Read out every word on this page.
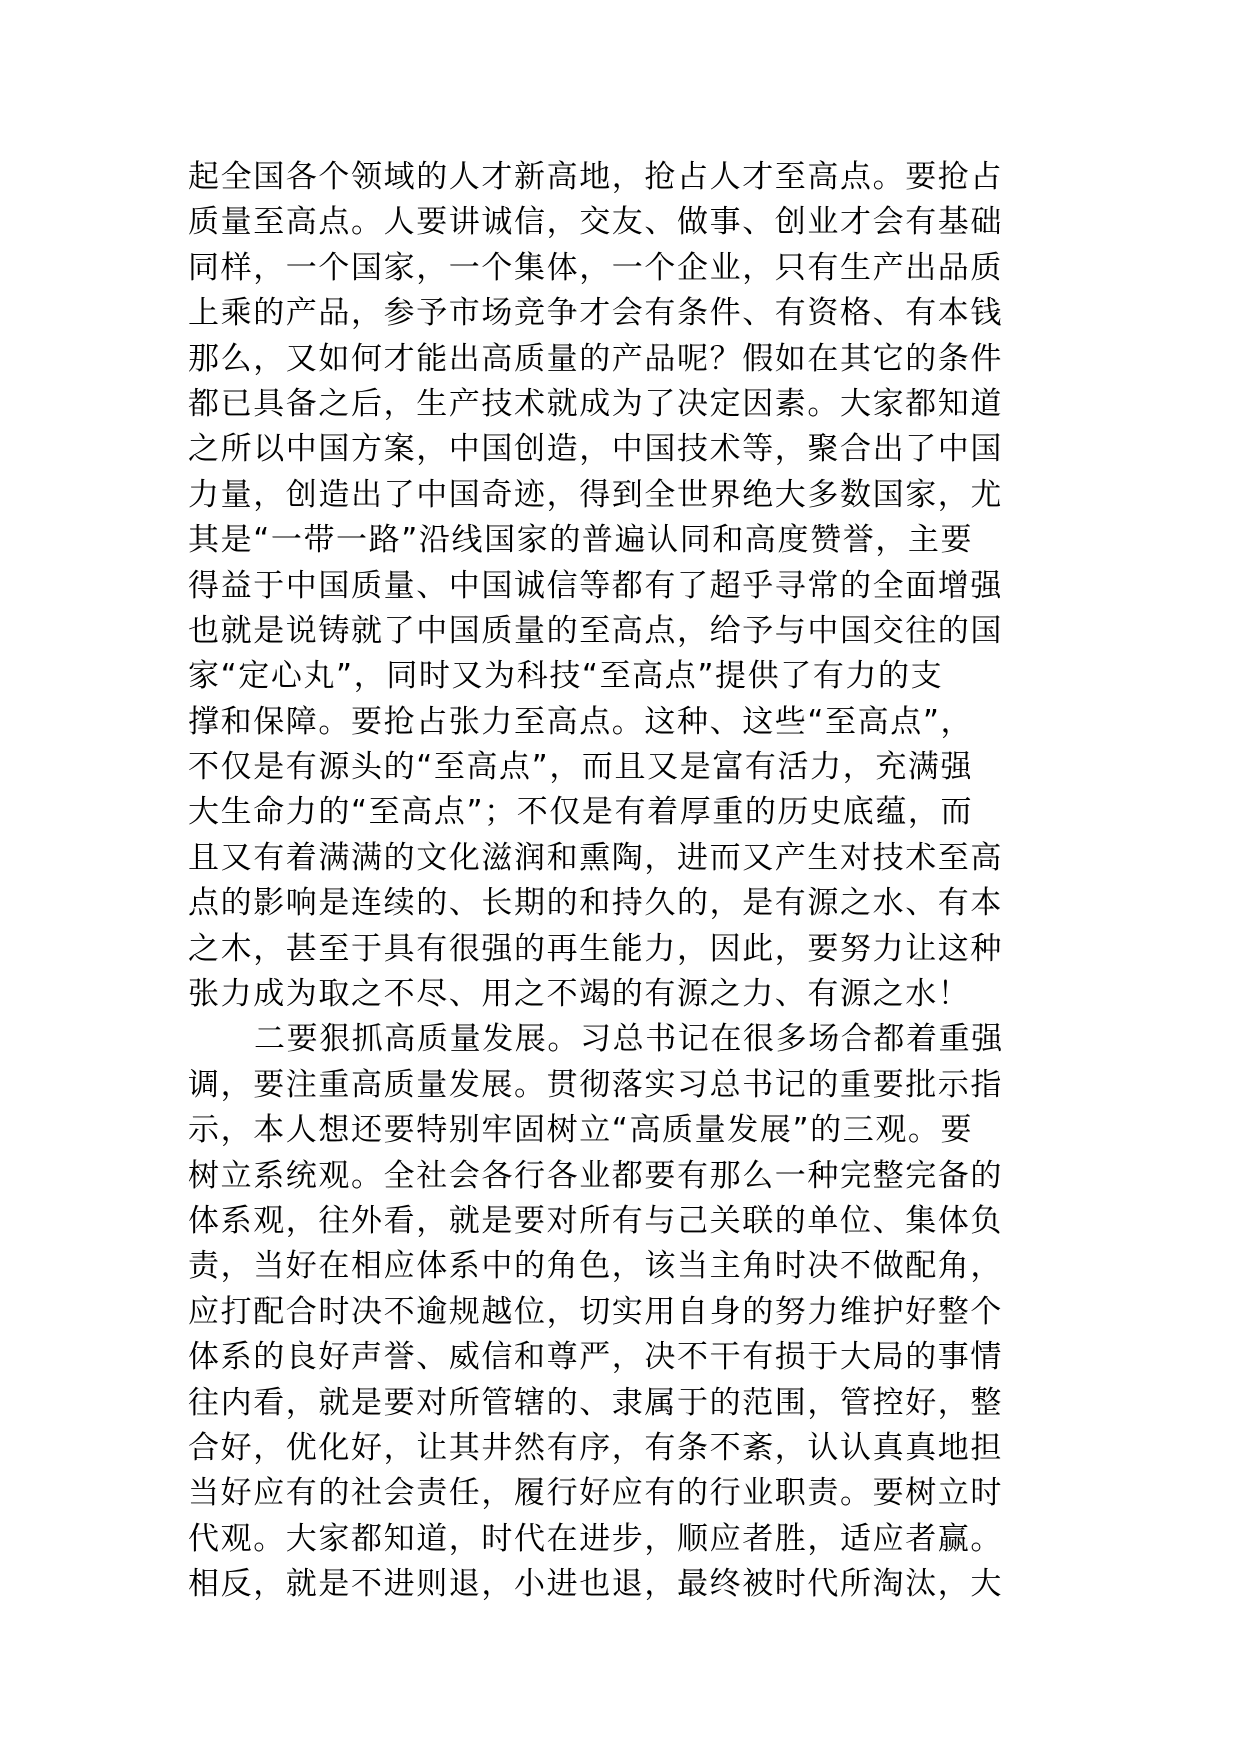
起全国各个领域的人才新高地，抢占人才至高点。要抢占
质量至高点。人要讲诚信，交友、做事、创业才会有基础
同样，一个国家，一个集体，一个企业，只有生产出品质
上乘的产品，参予市场竞争才会有条件、有资格、有本钱
那么，又如何才能出高质量的产品呢？假如在其它的条件
都已具备之后，生产技术就成为了决定因素。大家都知道
之所以中国方案，中国创造，中国技术等，聚合出了中国
力量，创造出了中国奇迹，得到全世界绝大多数国家，尤
其是“一带一路”沿线国家的普遍认同和高度赞誉，主要
得益于中国质量、中国诚信等都有了超乎寻常的全面增强
也就是说铸就了中国质量的至高点，给予与中国交往的国
家“定心丸”，同时又为科技“至高点”提供了有力的支
撑和保障。要抢占张力至高点。这种、这些“至高点”，
不仅是有源头的“至高点”，而且又是富有活力，充满强
大生命力的“至高点”；不仅是有着厚重的历史底蕴，而
且又有着满满的文化滋润和熏陶，进而又产生对技术至高
点的影响是连续的、长期的和持久的，是有源之水、有本
之木，甚至于具有很强的再生能力，因此，要努力让这种
张力成为取之不尽、用之不竭的有源之力、有源之水！
二要狠抓高质量发展。习总书记在很多场合都着重强
调，要注重高质量发展。贯彻落实习总书记的重要批示指
示，本人想还要特别牢固树立“高质量发展”的三观。要
树立系统观。全社会各行各业都要有那么一种完整完备的
体系观，往外看，就是要对所有与己关联的单位、集体负
责，当好在相应体系中的角色，该当主角时决不做配角，
应打配合时决不逾规越位，切实用自身的努力维护好整个
体系的良好声誉、威信和尊严，决不干有损于大局的事情
往内看，就是要对所管辖的、隶属于的范围，管控好，整
合好，优化好，让其井然有序，有条不紊，认认真真地担
当好应有的社会责任，履行好应有的行业职责。要树立时
代观。大家都知道，时代在进步，顺应者胜，适应者赢。
相反，就是不进则退，小进也退，最终被时代所淘汰，大
